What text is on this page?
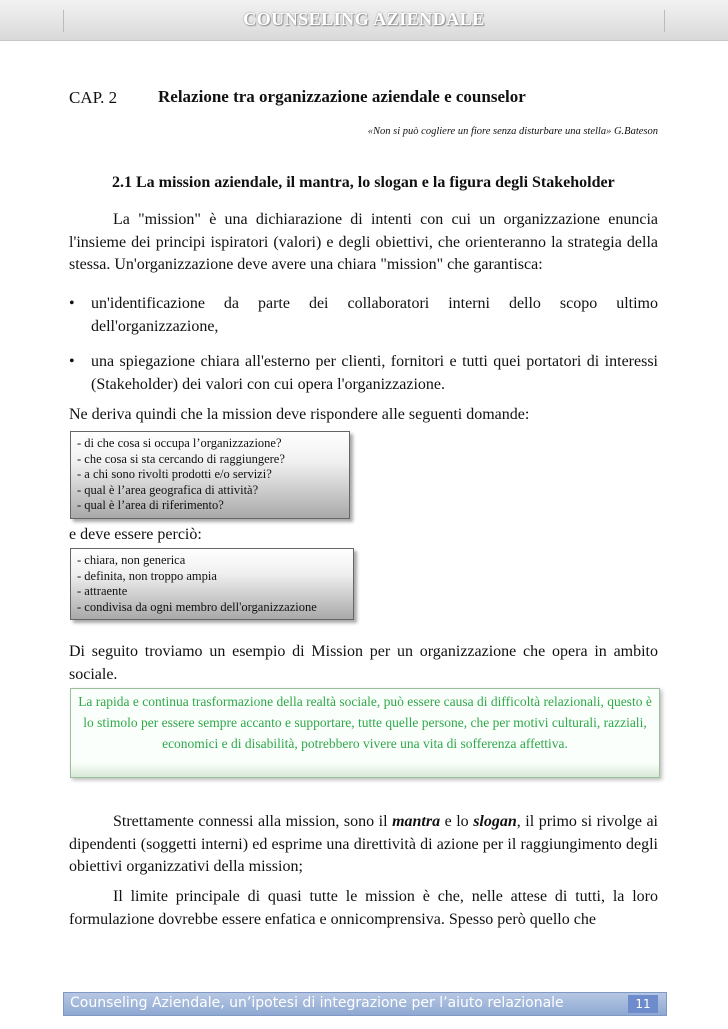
COUNSELING AZIENDALE
CAP. 2 Relazione tra organizzazione aziendale e counselor
«Non si può cogliere un fiore senza disturbare una stella» G.Bateson
2.1 La mission aziendale, il mantra, lo slogan e la figura degli Stakeholder
La "mission" è una dichiarazione di intenti con cui un organizzazione enuncia l'insieme dei principi ispiratori (valori) e degli obiettivi, che orienteranno la strategia della stessa. Un'organizzazione deve avere una chiara "mission" che garantisca:
• un'identificazione da parte dei collaboratori interni dello scopo ultimo dell'organizzazione,
• una spiegazione chiara all'esterno per clienti, fornitori e tutti quei portatori di interessi (Stakeholder) dei valori con cui opera l'organizzazione.
Ne deriva quindi che la mission deve rispondere alle seguenti domande:
- di che cosa si occupa l’organizzazione?
- che cosa si sta cercando di raggiungere?
- a chi sono rivolti prodotti e/o servizi?
- qual è l’area geografica di attività?
- qual è l’area di riferimento?
e deve essere perciò:
- chiara, non generica
- definita, non troppo ampia
- attraente
- condivisa da ogni membro dell'organizzazione
Di seguito troviamo un esempio di Mission per un organizzazione che opera in ambito sociale.

La rapida e continua trasformazione della realtà sociale, può essere causa di difficoltà relazionali, questo è lo stimolo per essere sempre accanto e supportare, tutte quelle persone, che per motivi culturali, razziali, economici e di disabilità, potrebbero vivere una vita di sofferenza affettiva.

Strettamente connessi alla mission, sono il mantra e lo slogan, il primo si rivolge ai dipendenti (soggetti interni) ed esprime una direttività di azione per il raggiungimento degli obiettivi organizzativi della mission;
Il limite principale di quasi tutte le mission è che, nelle attese di tutti, la loro formulazione dovrebbe essere enfatica e onnicomprensiva. Spesso però quello che
Counseling Aziendale, un’ipotesi di integrazione per l’aiuto relazionale	11
